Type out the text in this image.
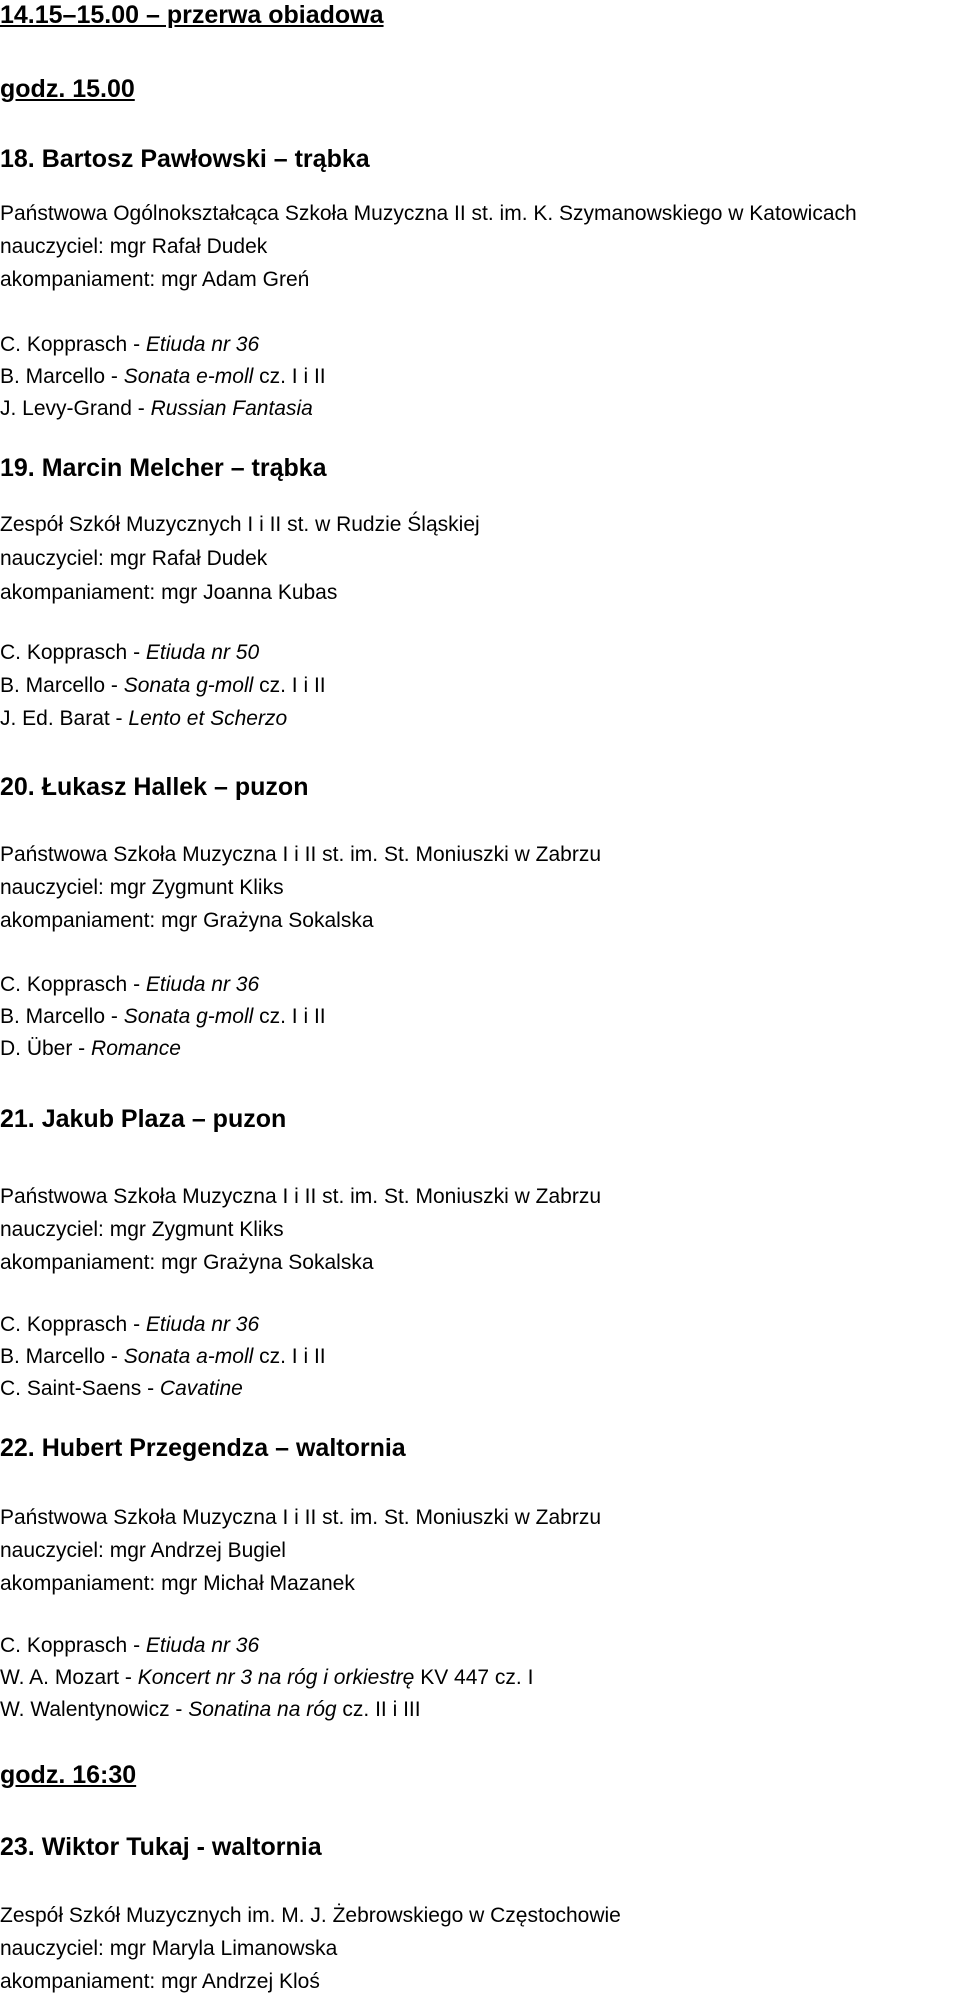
14.15–15.00 – przerwa obiadowa
godz. 15.00
18. Bartosz Pawłowski – trąbka
Państwowa Ogólnokształcąca Szkoła Muzyczna II st. im. K. Szymanowskiego w Katowicach
nauczyciel: mgr Rafał Dudek
akompaniament: mgr Adam Greń
C. Kopprasch - Etiuda nr 36
B. Marcello - Sonata e-moll cz. I i II
J. Levy-Grand - Russian Fantasia
19. Marcin Melcher – trąbka
Zespół Szkół Muzycznych I i II st. w Rudzie Śląskiej
nauczyciel: mgr Rafał Dudek
akompaniament: mgr Joanna Kubas
C. Kopprasch - Etiuda nr 50
B. Marcello - Sonata g-moll cz. I i II
J. Ed. Barat - Lento et Scherzo
20. Łukasz Hallek – puzon
Państwowa Szkoła Muzyczna I i II st. im. St. Moniuszki w Zabrzu
nauczyciel: mgr Zygmunt Kliks
akompaniament: mgr Grażyna Sokalska
C. Kopprasch - Etiuda nr 36
B. Marcello - Sonata g-moll cz. I i II
D. Über - Romance
21. Jakub Plaza – puzon
Państwowa Szkoła Muzyczna I i II st. im. St. Moniuszki w Zabrzu
nauczyciel: mgr Zygmunt Kliks
akompaniament: mgr Grażyna Sokalska
C. Kopprasch - Etiuda nr 36
B. Marcello - Sonata a-moll cz. I i II
C. Saint-Saens - Cavatine
22. Hubert Przegendza – waltornia
Państwowa Szkoła Muzyczna I i II st. im. St. Moniuszki w Zabrzu
nauczyciel: mgr Andrzej Bugiel
akompaniament: mgr Michał Mazanek
C. Kopprasch - Etiuda nr 36
W. A. Mozart - Koncert nr 3 na róg i orkiestrę KV 447 cz. I
W. Walentynowicz - Sonatina na róg cz. II i III
godz. 16:30
23. Wiktor Tukaj - waltornia
Zespół Szkół Muzycznych im. M. J. Żebrowskiego w Częstochowie
nauczyciel: mgr Maryla Limanowska
akompaniament: mgr Andrzej Kloś
